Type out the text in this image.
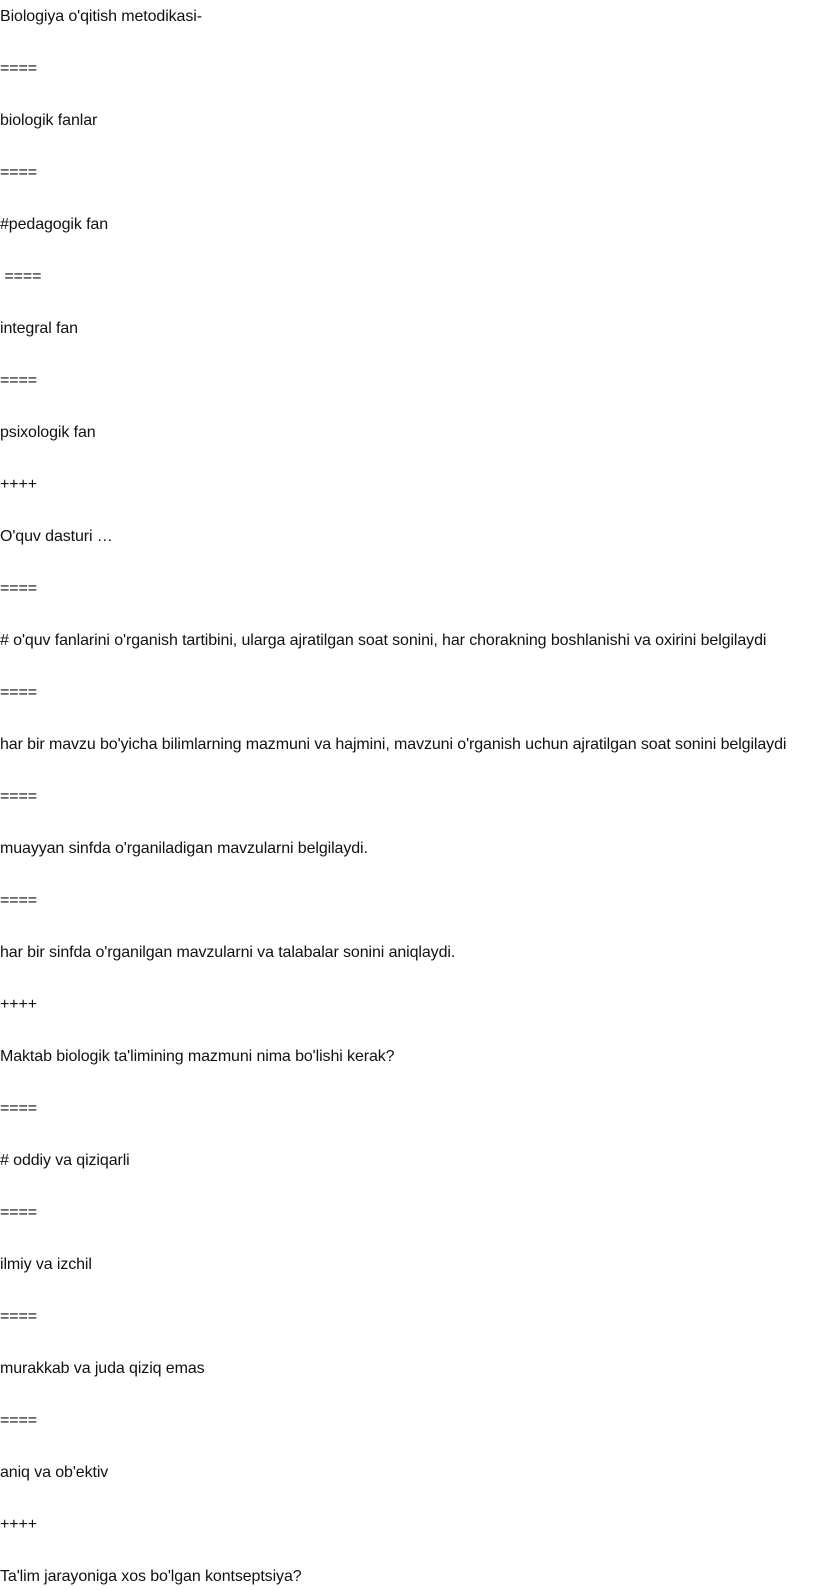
Biologiya o'qitish metodikasi-
====
biologik fanlar
====
#pedagogik fan
====
integral fan
====
psixologik fan
++++
O'quv dasturi …
====
# o'quv fanlarini o'rganish tartibini, ularga ajratilgan soat sonini, har chorakning boshlanishi va oxirini belgilaydi
====
har bir mavzu bo'yicha bilimlarning mazmuni va hajmini, mavzuni o'rganish uchun ajratilgan soat sonini belgilaydi
====
muayyan sinfda o'rganiladigan mavzularni belgilaydi.
====
har bir sinfda o'rganilgan mavzularni va talabalar sonini aniqlaydi.
++++
Maktab biologik ta'limining mazmuni nima bo'lishi kerak?
====
# oddiy va qiziqarli
====
ilmiy va izchil
====
murakkab va juda qiziq emas
====
aniq va ob'ektiv
++++
Ta'lim jarayoniga xos bo'lgan kontseptsiya?
